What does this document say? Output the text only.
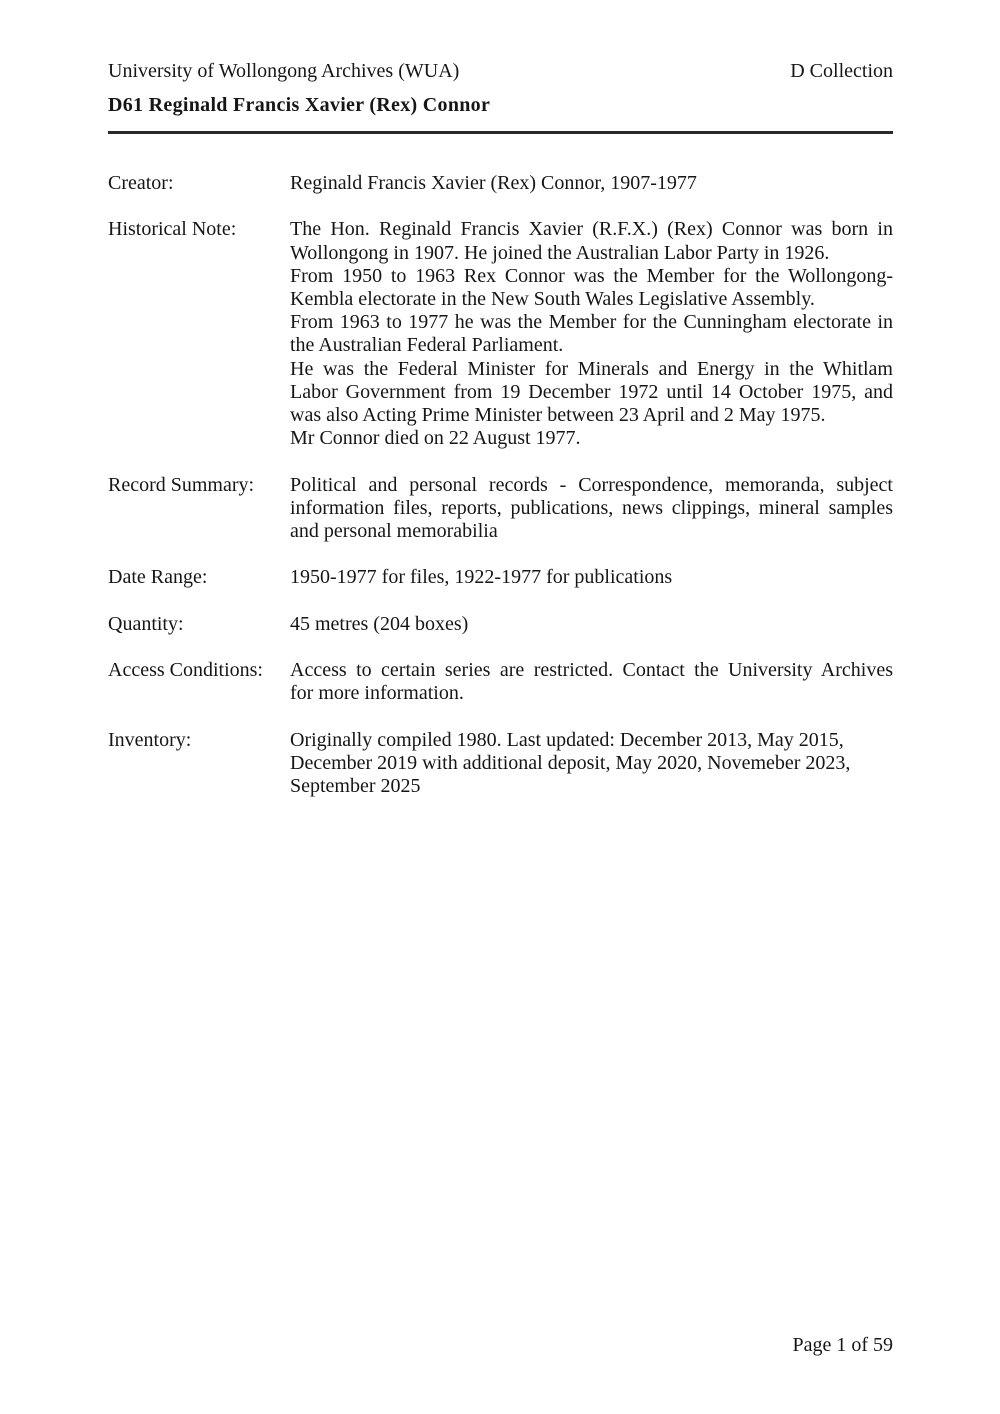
University of Wollongong Archives (WUA)	D Collection
D61 Reginald Francis Xavier (Rex) Connor
Creator:	Reginald Francis Xavier (Rex) Connor, 1907-1977
Historical Note:	The Hon. Reginald Francis Xavier (R.F.X.) (Rex) Connor was born in
Wollongong in 1907. He joined the Australian Labor Party in 1926.
From 1950 to 1963 Rex Connor was the Member for the Wollongong-
Kembla electorate in the New South Wales Legislative Assembly.
From 1963 to 1977 he was the Member for the Cunningham electorate in
the Australian Federal Parliament.
He was the Federal Minister for Minerals and Energy in the Whitlam
Labor Government from 19 December 1972 until 14 October 1975, and
was also Acting Prime Minister between 23 April and 2 May 1975.
Mr Connor died on 22 August 1977.
Record Summary:	Political and personal records - Correspondence, memoranda, subject
information files, reports, publications, news clippings, mineral samples
and personal memorabilia
Date Range:	1950-1977 for files, 1922-1977 for publications
Quantity:	45 metres (204 boxes)
Access Conditions:	Access to certain series are restricted. Contact the University Archives
for more information.
Inventory:	Originally compiled 1980. Last updated: December 2013, May 2015,
December 2019 with additional deposit, May 2020, Novemeber 2023,
September 2025
Page 1 of 59
